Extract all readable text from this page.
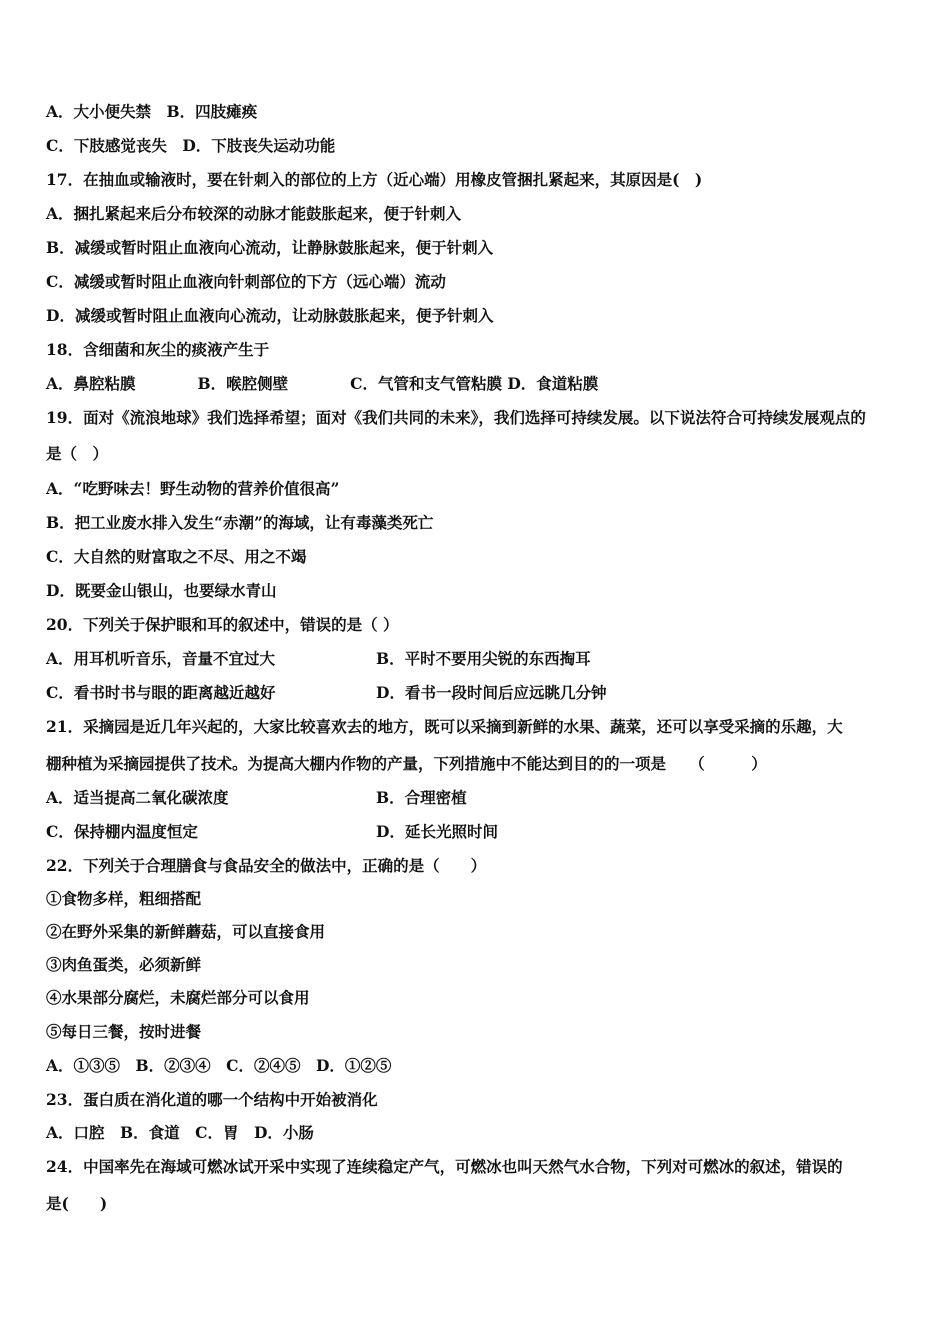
A．大小便失禁　B．四肢瘫痪
C．下肢感觉丧失　D．下肢丧失运动功能
17．在抽血或输液时，要在针刺入的部位的上方（近心端）用橡皮管捆扎紧起来，其原因是(　)
A．捆扎紧起来后分布较深的动脉才能鼓胀起来，便于针刺入
B．减缓或暂时阻止血液向心流动，让静脉鼓胀起来，便于针刺入
C．减缓或暂时阻止血液向针刺部位的下方（远心端）流动
D．减缓或暂时阻止血液向心流动，让动脉鼓胀起来，便予针刺入
18．含细菌和灰尘的痰液产生于
A．鼻腔粘膜　　　　B．喉腔侧壁　　　　C．气管和支气管粘膜 D．食道粘膜
19．面对《流浪地球》我们选择希望；面对《我们共同的未来》，我们选择可持续发展。以下说法符合可持续发展观点的
是（　）
A．“吃野味去！野生动物的营养价值很高”
B．把工业废水排入发生“赤潮”的海域，让有毒藻类死亡
C．大自然的财富取之不尽、用之不竭
D．既要金山银山，也要绿水青山
20．下列关于保护眼和耳的叙述中，错误的是（ ）
A．用耳机听音乐，音量不宜过大	B．平时不要用尖锐的东西掏耳
C．看书时书与眼的距离越近越好	D．看书一段时间后应远眺几分钟
21．采摘园是近几年兴起的，大家比较喜欢去的地方，既可以采摘到新鲜的水果、蔬菜，还可以享受采摘的乐趣，大
棚种植为采摘园提供了技术。为提高大棚内作物的产量，下列措施中不能达到目的的一项是　　（　　　）
A．适当提高二氧化碳浓度	B．合理密植
C．保持棚内温度恒定	D．延长光照时间
22．下列关于合理膳食与食品安全的做法中，正确的是（　　）
①食物多样，粗细搭配
②在野外采集的新鲜蘑菇，可以直接食用
③肉鱼蛋类，必须新鲜
④水果部分腐烂，未腐烂部分可以食用
⑤每日三餐，按时进餐
A．①③⑤　B．②③④　C．②④⑤　D．①②⑤
23．蛋白质在消化道的哪一个结构中开始被消化
A．口腔　B．食道　C．胃　D．小肠
24．中国率先在海域可燃冰试开采中实现了连续稳定产气，可燃冰也叫天然气水合物，下列对可燃冰的叙述，错误的
是(　　)
